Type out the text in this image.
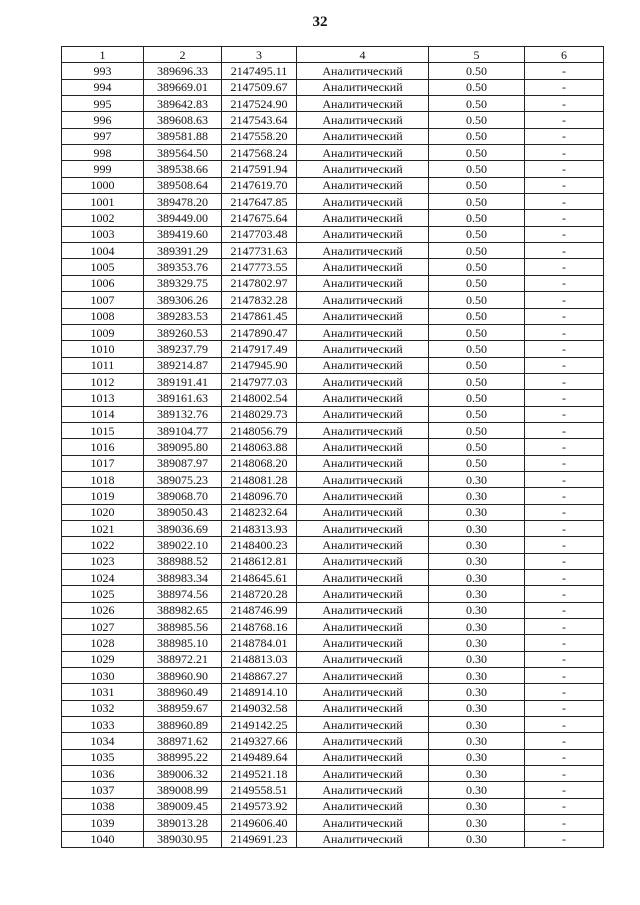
32
1	2	3	4	5	6
993	389696.33	2147495.11	Аналитический	0.50	-
994	389669.01	2147509.67	Аналитический	0.50	-
995	389642.83	2147524.90	Аналитический	0.50	-
996	389608.63	2147543.64	Аналитический	0.50	-
997	389581.88	2147558.20	Аналитический	0.50	-
998	389564.50	2147568.24	Аналитический	0.50	-
999	389538.66	2147591.94	Аналитический	0.50	-
1000	389508.64	2147619.70	Аналитический	0.50	-
1001	389478.20	2147647.85	Аналитический	0.50	-
1002	389449.00	2147675.64	Аналитический	0.50	-
1003	389419.60	2147703.48	Аналитический	0.50	-
1004	389391.29	2147731.63	Аналитический	0.50	-
1005	389353.76	2147773.55	Аналитический	0.50	-
1006	389329.75	2147802.97	Аналитический	0.50	-
1007	389306.26	2147832.28	Аналитический	0.50	-
1008	389283.53	2147861.45	Аналитический	0.50	-
1009	389260.53	2147890.47	Аналитический	0.50	-
1010	389237.79	2147917.49	Аналитический	0.50	-
1011	389214.87	2147945.90	Аналитический	0.50	-
1012	389191.41	2147977.03	Аналитический	0.50	-
1013	389161.63	2148002.54	Аналитический	0.50	-
1014	389132.76	2148029.73	Аналитический	0.50	-
1015	389104.77	2148056.79	Аналитический	0.50	-
1016	389095.80	2148063.88	Аналитический	0.50	-
1017	389087.97	2148068.20	Аналитический	0.50	-
1018	389075.23	2148081.28	Аналитический	0.30	-
1019	389068.70	2148096.70	Аналитический	0.30	-
1020	389050.43	2148232.64	Аналитический	0.30	-
1021	389036.69	2148313.93	Аналитический	0.30	-
1022	389022.10	2148400.23	Аналитический	0.30	-
1023	388988.52	2148612.81	Аналитический	0.30	-
1024	388983.34	2148645.61	Аналитический	0.30	-
1025	388974.56	2148720.28	Аналитический	0.30	-
1026	388982.65	2148746.99	Аналитический	0.30	-
1027	388985.56	2148768.16	Аналитический	0.30	-
1028	388985.10	2148784.01	Аналитический	0.30	-
1029	388972.21	2148813.03	Аналитический	0.30	-
1030	388960.90	2148867.27	Аналитический	0.30	-
1031	388960.49	2148914.10	Аналитический	0.30	-
1032	388959.67	2149032.58	Аналитический	0.30	-
1033	388960.89	2149142.25	Аналитический	0.30	-
1034	388971.62	2149327.66	Аналитический	0.30	-
1035	388995.22	2149489.64	Аналитический	0.30	-
1036	389006.32	2149521.18	Аналитический	0.30	-
1037	389008.99	2149558.51	Аналитический	0.30	-
1038	389009.45	2149573.92	Аналитический	0.30	-
1039	389013.28	2149606.40	Аналитический	0.30	-
1040	389030.95	2149691.23	Аналитический	0.30	-
